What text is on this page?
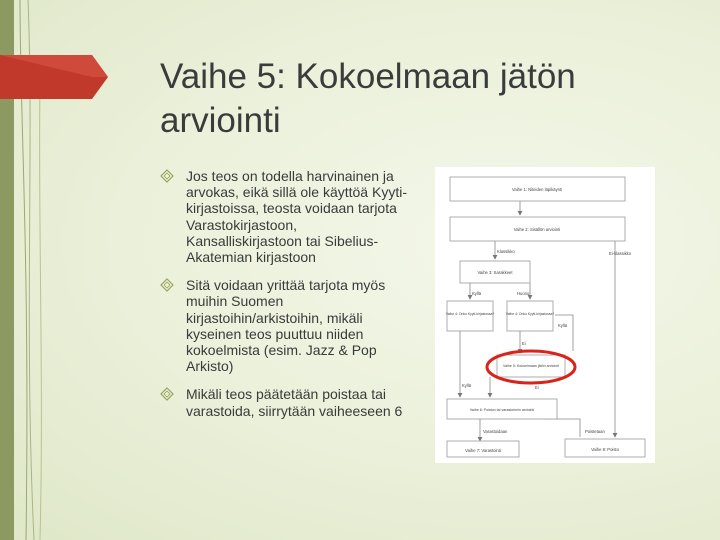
Vaihe 5: Kokoelmaan jätön arviointi
Jos teos on todella harvinainen ja arvokas, eikä sillä ole käyttöä Kyyti-kirjastoissa, teosta voidaan tarjota Varastokirjastoon, Kansalliskirjastoon tai Sibelius-Akatemian kirjastoon
Sitä voidaan yrittää tarjota myös muihin Suomen kirjastoihin/arkistoihin, mikäli kyseinen teos puuttuu niiden kokoelmista (esim. Jazz & Pop Arkisto)
Mikäli teos päätetään poistaa tai varastoida, siirrytään vaiheeseen 6
Vaihe 1: Niteiden läpikäynti
Vaihe 2: Sisällön arviointi
Vaihe 3: Sarakkeet
Vaihe 4: Onko Kyyti-kirjastossa?	Vaihe 4: Onko Kyyti-kirjastossa?
Vaihe 5: Kokoelmaan jätön arviointi
Vaihe 6: Poiston tai varastoinnin arviointi
Vaihe 7: Varastointi	Vaihe 8: Poisto
Klassikko	Ei-klassikko
Kyllä	Huono
Kyllä
Ei
Kyllä	Ei
Varastoidaan	Poistetaan
